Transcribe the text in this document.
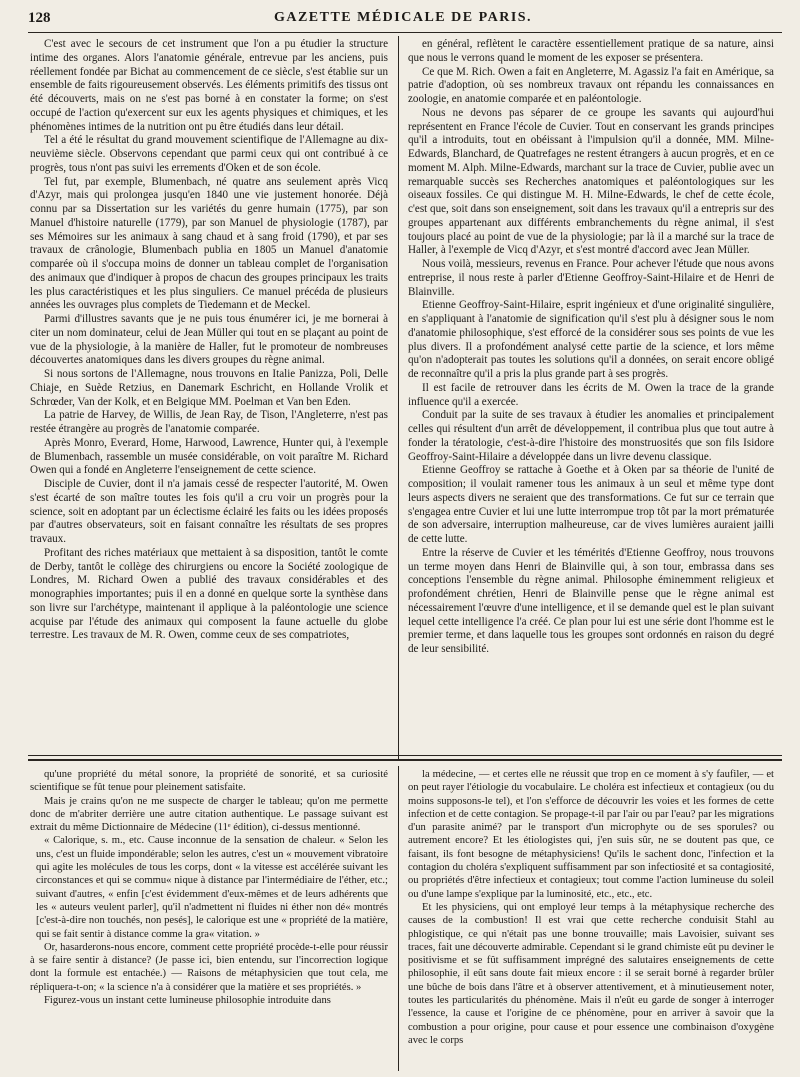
128	GAZETTE MÉDICALE DE PARIS.

C'est avec le secours de cet instrument que l'on a pu étudier la structure intime des organes. Alors l'anatomie générale, entrevue par les anciens, puis réellement fondée par Bichat au commencement de ce siècle, s'est établie sur un ensemble de faits rigoureusement observés. Les éléments primitifs des tissus ont été découverts, mais on ne s'est pas borné à en constater la forme; on s'est occupé de l'action qu'exercent sur eux les agents physiques et chimiques, et les phénomènes intimes de la nutrition ont pu être étudiés dans leur détail.

Tel a été le résultat du grand mouvement scientifique de l'Allemagne au dix-neuvième siècle. Observons cependant que parmi ceux qui ont contribué à ce progrès, tous n'ont pas suivi les errements d'Oken et de son école.

Tel fut, par exemple, Blumenbach, né quatre ans seulement après Vicq d'Azyr, mais qui prolongea jusqu'en 1840 une vie justement honorée. Déjà connu par sa Dissertation sur les variétés du genre humain (1775), par son Manuel d'histoire naturelle (1779), par son Manuel de physiologie (1787), par ses Mémoires sur les animaux à sang chaud et à sang froid (1790), et par ses travaux de crânologie, Blumenbach publia en 1805 un Manuel d'anatomie comparée où il s'occupa moins de donner un tableau complet de l'organisation des animaux que d'indiquer à propos de chacun des groupes principaux les traits les plus caractéristiques et les plus singuliers. Ce manuel précéda de plusieurs années les ouvrages plus complets de Tiedemann et de Meckel.

Parmi d'illustres savants que je ne puis tous énumérer ici, je me bornerai à citer un nom dominateur, celui de Jean Müller qui tout en se plaçant au point de vue de la physiologie, à la manière de Haller, fut le promoteur de nombreuses découvertes anatomiques dans les divers groupes du règne animal.

Si nous sortons de l'Allemagne, nous trouvons en Italie Panizza, Poli, Delle Chiaje, en Suède Retzius, en Danemark Eschricht, en Hollande Vrolik et Schrœder, Van der Kolk, et en Belgique MM. Poelman et Van ben Eden.

La patrie de Harvey, de Willis, de Jean Ray, de Tison, l'Angleterre, n'est pas restée étrangère au progrès de l'anatomie comparée.

Après Monro, Everard, Home, Harwood, Lawrence, Hunter qui, à l'exemple de Blumenbach, rassemble un musée considérable, on voit paraître M. Richard Owen qui a fondé en Angleterre l'enseignement de cette science.

Disciple de Cuvier, dont il n'a jamais cessé de respecter l'autorité, M. Owen s'est écarté de son maître toutes les fois qu'il a cru voir un progrès pour la science, soit en adoptant par un éclectisme éclairé les faits ou les idées proposés par d'autres observateurs, soit en faisant connaître les résultats de ses propres travaux.

Profitant des riches matériaux que mettaient à sa disposition, tantôt le comte de Derby, tantôt le collège des chirurgiens ou encore la Société zoologique de Londres, M. Richard Owen a publié des travaux considérables et des monographies importantes; puis il en a donné en quelque sorte la synthèse dans son livre sur l'archétype, maintenant il applique à la paléontologie une science acquise par l'étude des animaux qui composent la faune actuelle du globe terrestre. Les travaux de M. R. Owen, comme ceux de ses compatriotes,

en général, reflètent le caractère essentiellement pratique de sa nature, ainsi que nous le verrons quand le moment de les exposer se présentera.

Ce que M. Rich. Owen a fait en Angleterre, M. Agassiz l'a fait en Amérique, sa patrie d'adoption, où ses nombreux travaux ont répandu les connaissances en zoologie, en anatomie comparée et en paléontologie.

Nous ne devons pas séparer de ce groupe les savants qui aujourd'hui représentent en France l'école de Cuvier. Tout en conservant les grands principes qu'il a introduits, tout en obéissant à l'impulsion qu'il a donnée, MM. Milne-Edwards, Blanchard, de Quatrefages ne restent étrangers à aucun progrès, et en ce moment M. Alph. Milne-Edwards, marchant sur la trace de Cuvier, publie avec un remarquable succès ses Recherches anatomiques et paléontologiques sur les oiseaux fossiles. Ce qui distingue M. H. Milne-Edwards, le chef de cette école, c'est que, soit dans son enseignement, soit dans les travaux qu'il a entrepris sur des groupes appartenant aux différents embranchements du règne animal, il s'est toujours placé au point de vue de la physiologie; par là il a marché sur la trace de Haller, à l'exemple de Vicq d'Azyr, et s'est montré d'accord avec Jean Müller.

Nous voilà, messieurs, revenus en France. Pour achever l'étude que nous avons entreprise, il nous reste à parler d'Etienne Geoffroy-Saint-Hilaire et de Henri de Blainville.

Etienne Geoffroy-Saint-Hilaire, esprit ingénieux et d'une originalité singulière, en s'appliquant à l'anatomie de signification qu'il s'est plu à désigner sous le nom d'anatomie philosophique, s'est efforcé de la considérer sous ses points de vue les plus divers. Il a profondément analysé cette partie de la science, et lors même qu'on n'adopterait pas toutes les solutions qu'il a données, on serait encore obligé de reconnaître qu'il a pris la plus grande part à ses progrès.

Il est facile de retrouver dans les écrits de M. Owen la trace de la grande influence qu'il a exercée.

Conduit par la suite de ses travaux à étudier les anomalies et principalement celles qui résultent d'un arrêt de développement, il contribua plus que tout autre à fonder la tératologie, c'est-à-dire l'histoire des monstruosités que son fils Isidore Geoffroy-Saint-Hilaire a développée dans un livre devenu classique.

Etienne Geoffroy se rattache à Goethe et à Oken par sa théorie de l'unité de composition; il voulait ramener tous les animaux à un seul et même type dont leurs aspects divers ne seraient que des transformations. Ce fut sur ce terrain que s'engagea entre Cuvier et lui une lutte interrompue trop tôt par la mort prématurée de son adversaire, interruption malheureuse, car de vives lumières auraient jailli de cette lutte.

Entre la réserve de Cuvier et les témérités d'Etienne Geoffroy, nous trouvons un terme moyen dans Henri de Blainville qui, à son tour, embrassa dans ses conceptions l'ensemble du règne animal. Philosophe éminemment religieux et profondément chrétien, Henri de Blainville pense que le règne animal est nécessairement l'œuvre d'une intelligence, et il se demande quel est le plan suivant lequel cette intelligence l'a créé. Ce plan pour lui est une série dont l'homme est le premier terme, et dans laquelle tous les groupes sont ordonnés en raison du degré de leur sensibilité.

qu'une propriété du métal sonore, la propriété de sonorité, et sa curiosité scientifique se fût tenue pour pleinement satisfaite.

Mais je crains qu'on ne me suspecte de charger le tableau; qu'on me permette donc de m'abriter derrière une autre citation authentique. Le passage suivant est extrait du même Dictionnaire de Médecine (11ᵉ édition), ci-dessus mentionné.

« Calorique, s. m., etc. Cause inconnue de la sensation de chaleur. « Selon les uns, c'est un fluide impondérable; selon les autres, c'est un « mouvement vibratoire qui agite les molécules de tous les corps, dont « la vitesse est accélérée suivant les circonstances et qui se commu« nique à distance par l'intermédiaire de l'éther, etc.; suivant d'autres, « enfin [c'est évidemment d'eux-mêmes et de leurs adhérents que les « auteurs veulent parler], qu'il n'admettent ni fluides ni éther non dé« montrés [c'est-à-dire non touchés, non pesés], le calorique est une « propriété de la matière, qui se fait sentir à distance comme la gra« vitation. »

Or, hasarderons-nous encore, comment cette propriété procède-t-elle pour réussir à se faire sentir à distance? (Je passe ici, bien entendu, sur l'incorrection logique dont la formule est entachée.) — Raisons de métaphysicien que tout cela, me répliquera-t-on; « la science n'a à considérer que la matière et ses propriétés. »

Figurez-vous un instant cette lumineuse philosophie introduite dans

la médecine, — et certes elle ne réussit que trop en ce moment à s'y faufiler, — et on peut rayer l'étiologie du vocabulaire. Le choléra est infectieux et contagieux (ou du moins supposons-le tel), et l'on s'efforce de découvrir les voies et les formes de cette infection et de cette contagion. Se propage-t-il par l'air ou par l'eau? par les migrations d'un parasite animé? par le transport d'un microphyte ou de ses sporules? ou autrement encore? Et les étiologistes qui, j'en suis sûr, ne se doutent pas que, ce faisant, ils font besogne de métaphysiciens! Qu'ils le sachent donc, l'infection et la contagion du choléra s'expliquent suffisamment par son infectiosité et sa contagiosité, ou propriétés d'être infectieux et contagieux; tout comme l'action lumineuse du soleil ou d'une lampe s'explique par la luminosité, etc., etc., etc.

Et les physiciens, qui ont employé leur temps à la métaphysique recherche des causes de la combustion! Il est vrai que cette recherche conduisit Stahl au phlogistique, ce qui n'était pas une bonne trouvaille; mais Lavoisier, suivant ses traces, fait une découverte admirable. Cependant si le grand chimiste eût pu deviner le positivisme et se fût suffisamment imprégné des salutaires enseignements de cette philosophie, il eût sans doute fait mieux encore : il se serait borné à regarder brûler une bûche de bois dans l'âtre et à observer attentivement, et à minutieusement noter, toutes les particularités du phénomène. Mais il n'eût eu garde de songer à interroger l'essence, la cause et l'origine de ce phénomène, pour en arriver à savoir que la combustion a pour origine, pour cause et pour essence une combinaison d'oxygène avec le corps
